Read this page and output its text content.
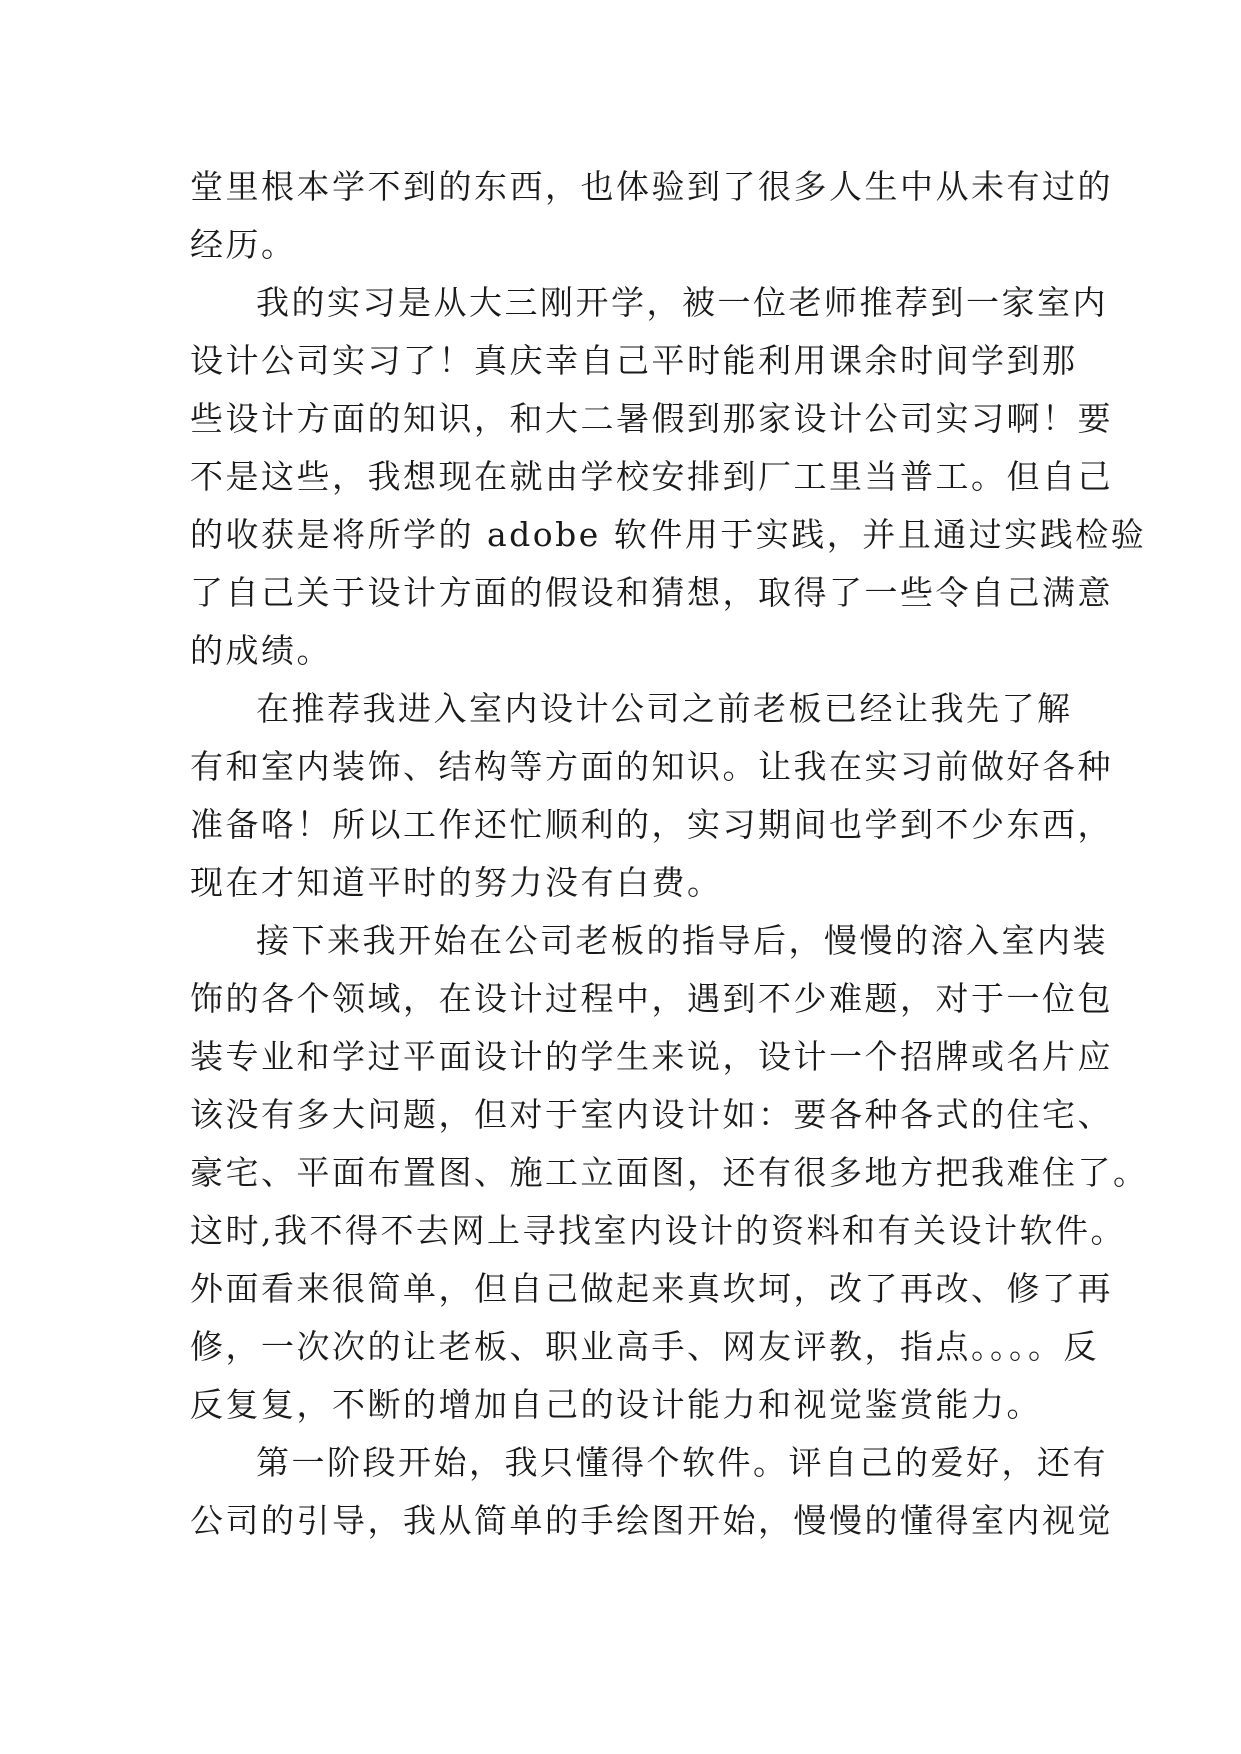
堂里根本学不到的东西，也体验到了很多人生中从未有过的
经历。
我的实习是从大三刚开学，被一位老师推荐到一家室内
设计公司实习了！真庆幸自己平时能利用课余时间学到那
些设计方面的知识，和大二暑假到那家设计公司实习啊！要
不是这些，我想现在就由学校安排到厂工里当普工。但自己
的收获是将所学的 adobe 软件用于实践，并且通过实践检验
了自己关于设计方面的假设和猜想，取得了一些令自己满意
的成绩。
在推荐我进入室内设计公司之前老板已经让我先了解
有和室内装饰、结构等方面的知识。让我在实习前做好各种
准备咯！所以工作还忙顺利的，实习期间也学到不少东西，
现在才知道平时的努力没有白费。
接下来我开始在公司老板的指导后，慢慢的溶入室内装
饰的各个领域，在设计过程中，遇到不少难题，对于一位包
装专业和学过平面设计的学生来说，设计一个招牌或名片应
该没有多大问题，但对于室内设计如：要各种各式的住宅、
豪宅、平面布置图、施工立面图，还有很多地方把我难住了。
这时,我不得不去网上寻找室内设计的资料和有关设计软件。
外面看来很简单，但自己做起来真坎坷，改了再改、修了再
修，一次次的让老板、职业高手、网友评教，指点。。。。反
反复复，不断的增加自己的设计能力和视觉鉴赏能力。
第一阶段开始，我只懂得个软件。评自己的爱好，还有
公司的引导，我从简单的手绘图开始，慢慢的懂得室内视觉
